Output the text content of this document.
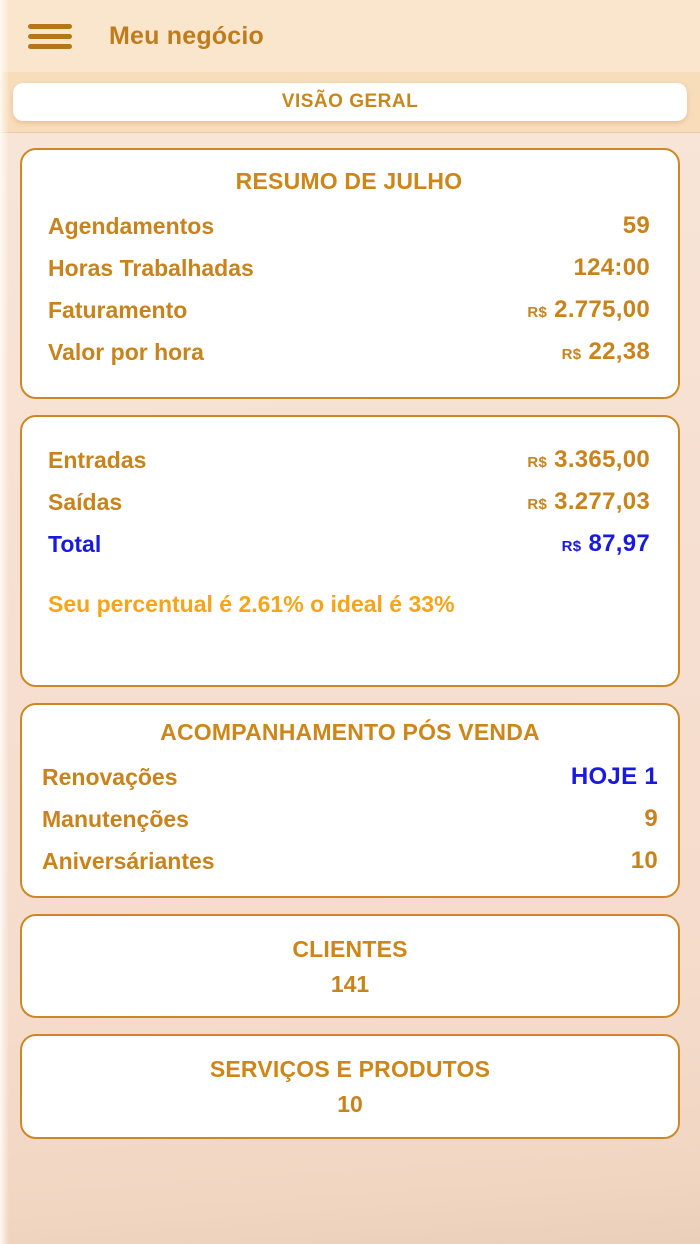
Meu negócio
VISÃO GERAL
RESUMO DE JULHO
Agendamentos	59
Horas Trabalhadas	124:00
Faturamento	R$ 2.775,00
Valor por hora	R$ 22,38
Entradas	R$ 3.365,00
Saídas	R$ 3.277,03
Total	R$ 87,97

Seu percentual é 2.61% o ideal é 33%

ACOMPANHAMENTO PÓS VENDA
Renovações	HOJE 1
Manutenções	9
Aniversáriantes	10
CLIENTES
141
SERVIÇOS E PRODUTOS
10
